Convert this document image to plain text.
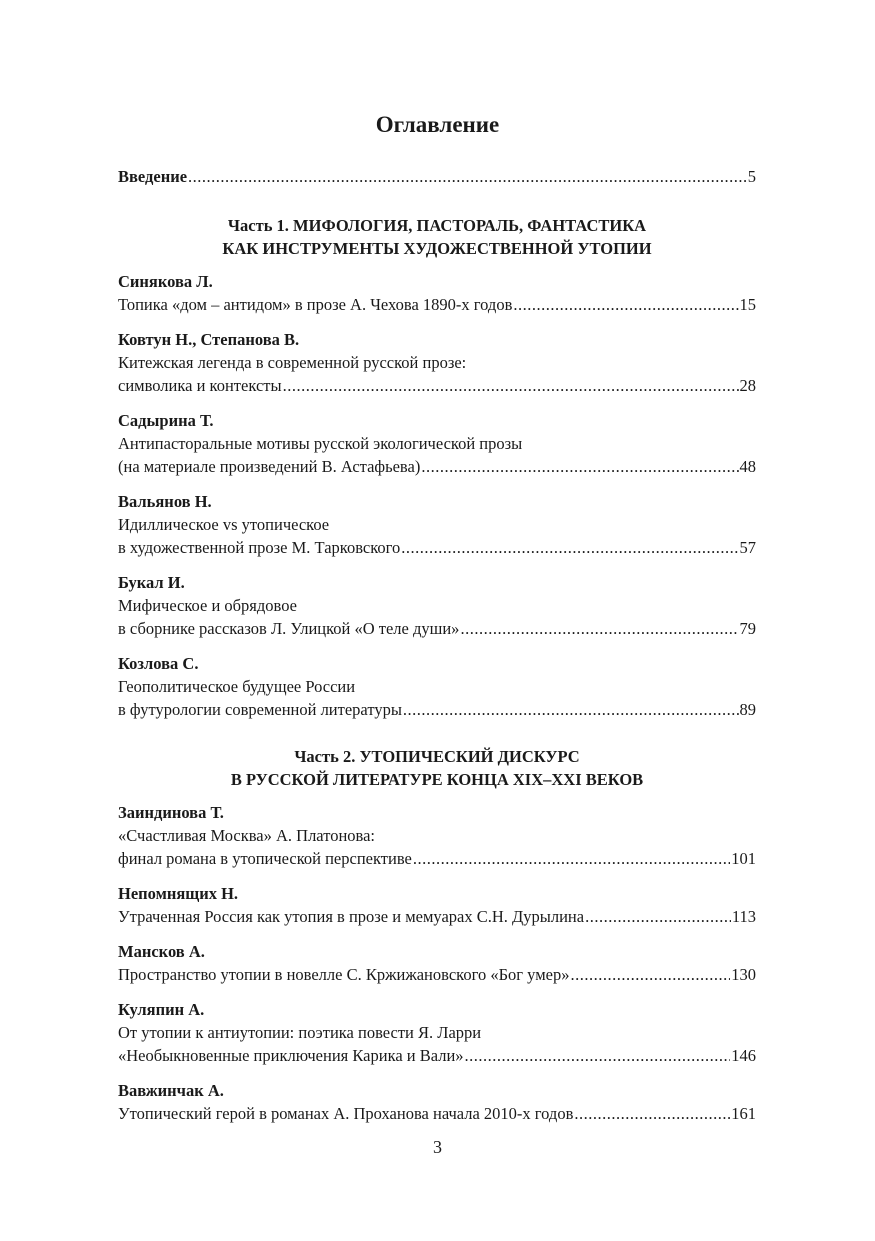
Оглавление
Введение .....	5
Часть 1. МИФОЛОГИЯ, ПАСТОРАЛЬ, ФАНТАСТИКА
КАК ИНСТРУМЕНТЫ ХУДОЖЕСТВЕННОЙ УТОПИИ
Синякова Л.
Топика «дом – антидом» в прозе А. Чехова 1890-х годов .....	15
Ковтун Н., Степанова В.
Китежская легенда в современной русской прозе:
символика и контексты .....	28
Садырина Т.
Антипасторальные мотивы русской экологической прозы
(на материале произведений В. Астафьева) .....	48
Вальянов Н.
Идиллическое vs утопическое
в художественной прозе М. Тарковского .....	57
Букал И.
Мифическое и обрядовое
в сборнике рассказов Л. Улицкой «О теле души» .....	79
Козлова С.
Геополитическое будущее России
в футурологии современной литературы .....	89
Часть 2. УТОПИЧЕСКИЙ ДИСКУРС
В РУССКОЙ ЛИТЕРАТУРЕ КОНЦА XIX–XXI ВЕКОВ
Заиндинова Т.
«Счастливая Москва» А. Платонова:
финал романа в утопической перспективе .....	101
Непомнящих Н.
Утраченная Россия как утопия в прозе и мемуарах С.Н. Дурылина .....	113
Мансков А.
Пространство утопии в новелле С. Кржижановского «Бог умер» .....	130
Куляпин А.
От утопии к антиутопии: поэтика повести Я. Ларри
«Необыкновенные приключения Карика и Вали» .....	146
Вавжинчак А.
Утопический герой в романах А. Проханова начала 2010-х годов .....	161
3
